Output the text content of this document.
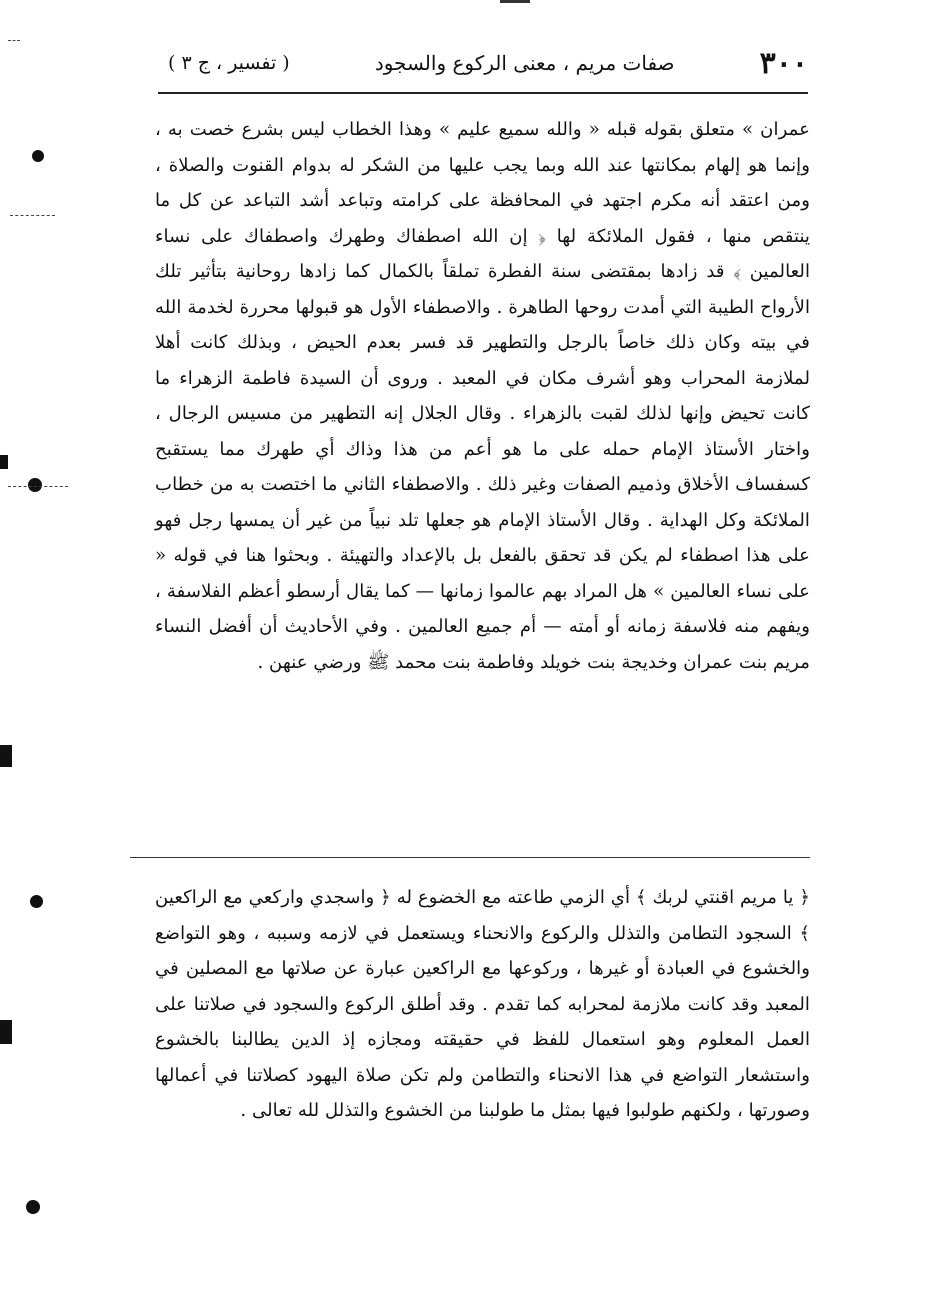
٣٠٠
صفات مريم ، معنى الركوع والسجود
( تفسير ، ج ٣ )

عمران » متعلق بقوله قبله « والله سميع عليم » وهذا الخطاب ليس بشرع خصت به ، وإنما هو إلهام بمكانتها عند الله وبما يجب عليها من الشكر له بدوام القنوت والصلاة ، ومن اعتقد أنه مكرم اجتهد في المحافظة على كرامته وتباعد أشد التباعد عن كل ما ينتقص منها ، فقول الملائكة لها ﴿ إن الله اصطفاك وطهرك واصطفاك على نساء العالمين ﴾ قد زادها بمقتضى سنة الفطرة تملقاً بالكمال كما زادها روحانية بتأثير تلك الأرواح الطيبة التي أمدت روحها الطاهرة . والاصطفاء الأول هو قبولها محررة لخدمة الله في بيته وكان ذلك خاصاً بالرجل والتطهير قد فسر بعدم الحيض ، وبذلك كانت أهلا لملازمة المحراب وهو أشرف مكان في المعبد . وروى أن السيدة فاطمة الزهراء ما كانت تحيض وإنها لذلك لقبت بالزهراء . وقال الجلال إنه التطهير من مسيس الرجال ، واختار الأستاذ الإمام حمله على ما هو أعم من هذا وذاك أي طهرك مما يستقبح كسفساف الأخلاق وذميم الصفات وغير ذلك . والاصطفاء الثاني ما اختصت به من خطاب الملائكة وكل الهداية . وقال الأستاذ الإمام هو جعلها تلد نبياً من غير أن يمسها رجل فهو على هذا اصطفاء لم يكن قد تحقق بالفعل بل بالإعداد والتهيئة . وبحثوا هنا في قوله « على نساء العالمين » هل المراد بهم عالموا زمانها — كما يقال أرسطو أعظم الفلاسفة ، ويفهم منه فلاسفة زمانه أو أمته — أم جميع العالمين . وفي الأحاديث أن أفضل النساء مريم بنت عمران وخديجة بنت خويلد وفاطمة بنت محمد ﷺ ورضي عنهن .

﴿ يا مريم اقنتي لربك ﴾ أي الزمي طاعته مع الخضوع له ﴿ واسجدي واركعي مع الراكعين ﴾ السجود التطامن والتذلل والركوع والانحناء ويستعمل في لازمه وسببه ، وهو التواضع والخشوع في العبادة أو غيرها ، وركوعها مع الراكعين عبارة عن صلاتها مع المصلين في المعبد وقد كانت ملازمة لمحرابه كما تقدم . وقد أطلق الركوع والسجود في صلاتنا على العمل المعلوم وهو استعمال للفظ في حقيقته ومجازه إذ الدين يطالبنا بالخشوع واستشعار التواضع في هذا الانحناء والتطامن ولم تكن صلاة اليهود كصلاتنا في أعمالها وصورتها ، ولكنهم طولبوا فيها بمثل ما طولبنا من الخشوع والتذلل لله تعالى .
